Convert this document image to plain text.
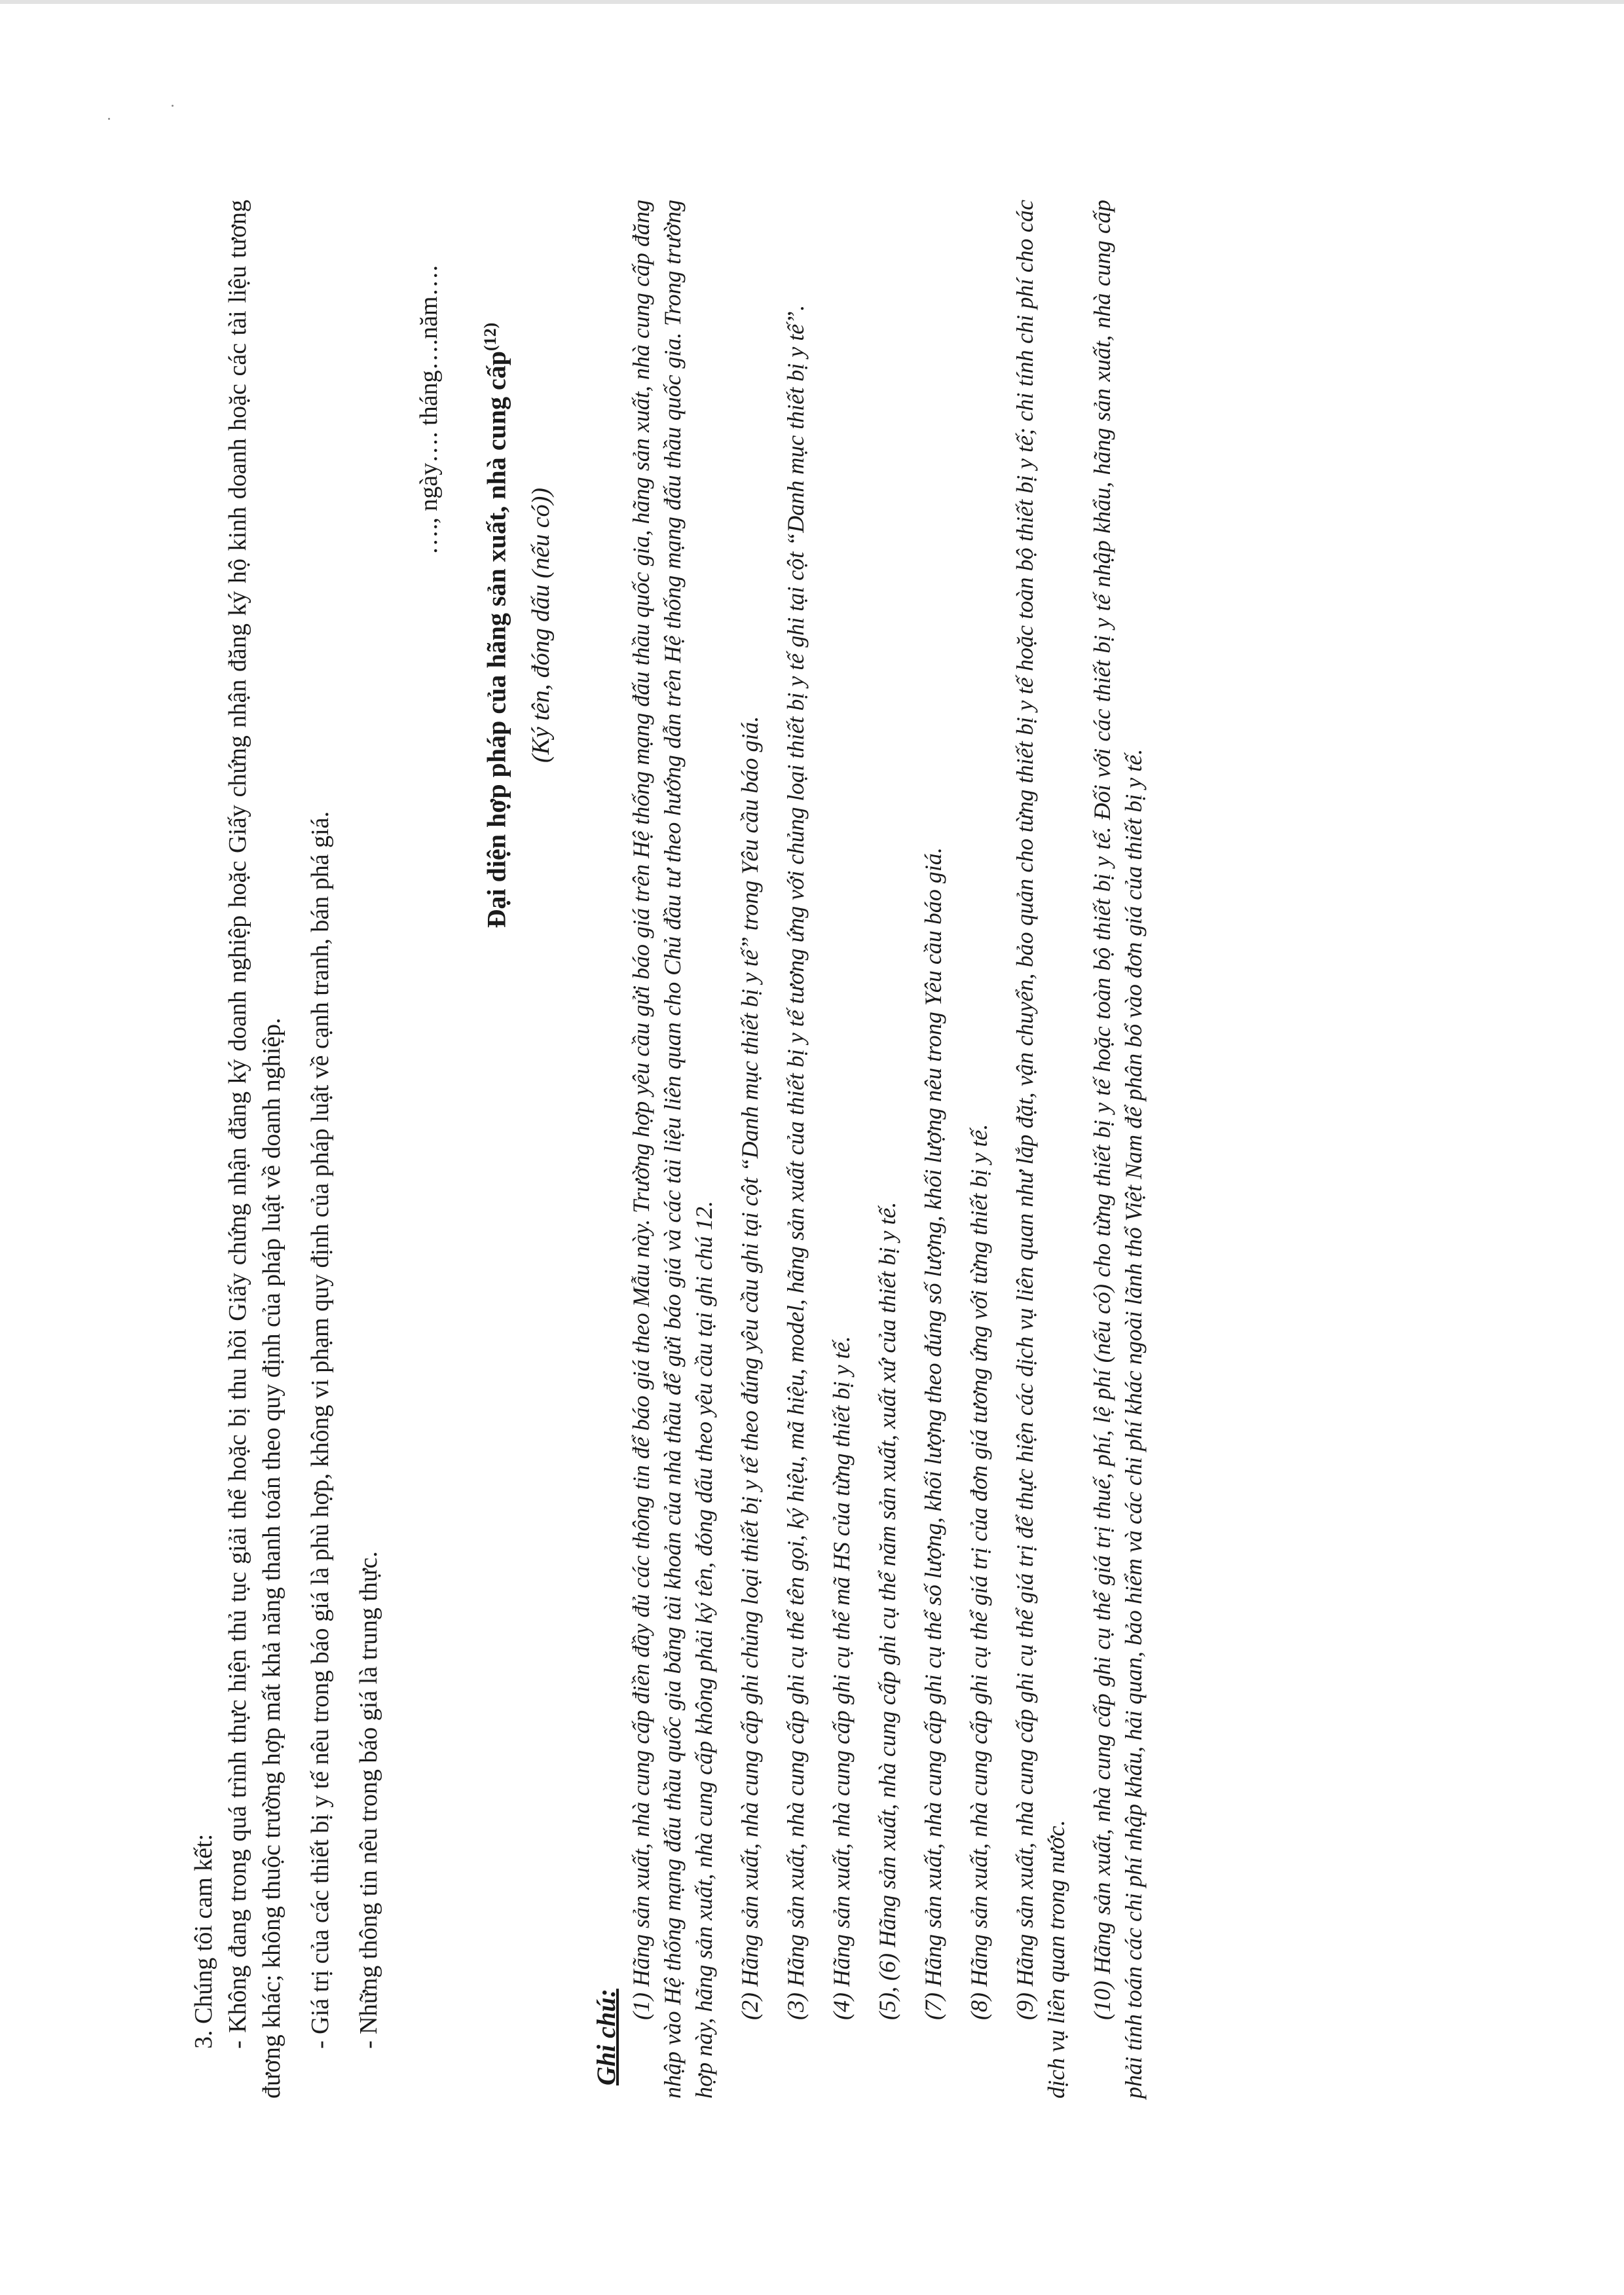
3. Chúng tôi cam kết: - Không đang trong quá trình thực hiện thủ tục giải thể hoặc bị thu hồi Giấy chứng nhận đăng ký doanh nghiệp hoặc Giấy chứng nhận đăng ký hộ kinh doanh hoặc các tài liệu tương đương khác; không thuộc trường hợp mất khả năng thanh toán theo quy định của pháp luật về doanh nghiệp. - Giá trị của các thiết bị y tế nêu trong báo giá là phù hợp, không vi phạm quy định của pháp luật về cạnh tranh, bán phá giá. - Những thông tin nêu trong báo giá là trung thực.

…., ngày…. tháng….năm….	Đại diện hợp pháp của hãng sản xuất, nhà cung cấp$^{(12)}$

(Ký tên, đóng dấu (nếu có))

Ghi chú:

(1) Hãng sản xuất, nhà cung cấp điền đầy đủ các thông tin để báo giá theo Mẫu này. Trường hợp yêu cầu gửi báo giá trên Hệ thống mạng đấu thầu quốc gia, hãng sản xuất, nhà cung cấp đăng nhập vào Hệ thống mạng đấu thầu quốc gia bằng tài khoản của nhà thầu để gửi báo giá và các tài liệu liên quan cho Chủ đầu tư theo hướng dẫn trên Hệ thống mạng đấu thầu quốc gia. Trong trường hợp này, hãng sản xuất, nhà cung cấp không phải ký tên, đóng dấu theo yêu cầu tại ghi chú 12. (2) Hãng sản xuất, nhà cung cấp ghi chủng loại thiết bị y tế theo đúng yêu cầu ghi tại cột “Danh mục thiết bị y tế” trong Yêu cầu báo giá. (3) Hãng sản xuất, nhà cung cấp ghi cụ thể tên gọi, ký hiệu, mã hiệu, model, hãng sản xuất của thiết bị y tế tương ứng với chủng loại thiết bị y tế ghi tại cột “Danh mục thiết bị y tế”. (4) Hãng sản xuất, nhà cung cấp ghi cụ thể mã HS của từng thiết bị y tế. (5), (6) Hãng sản xuất, nhà cung cấp ghi cụ thể năm sản xuất, xuất xứ của thiết bị y tế. (7) Hãng sản xuất, nhà cung cấp ghi cụ thể số lượng, khối lượng theo đúng số lượng, khối lượng nêu trong Yêu cầu báo giá. (8) Hãng sản xuất, nhà cung cấp ghi cụ thể giá trị của đơn giá tương ứng với từng thiết bị y tế. (9) Hãng sản xuất, nhà cung cấp ghi cụ thể giá trị để thực hiện các dịch vụ liên quan như lắp đặt, vận chuyển, bảo quản cho từng thiết bị y tế hoặc toàn bộ thiết bị y tế; chi tính chi phí cho các dịch vụ liên quan trong nước. (10) Hãng sản xuất, nhà cung cấp ghi cụ thể giá trị thuế, phí, lệ phí (nếu có) cho từng thiết bị y tế hoặc toàn bộ thiết bị y tế. Đối với các thiết bị y tế nhập khẩu, hãng sản xuất, nhà cung cấp phải tính toán các chi phí nhập khẩu, hải quan, bảo hiểm và các chi phí khác ngoài lãnh thổ Việt Nam để phân bổ vào đơn giá của thiết bị y tế.
